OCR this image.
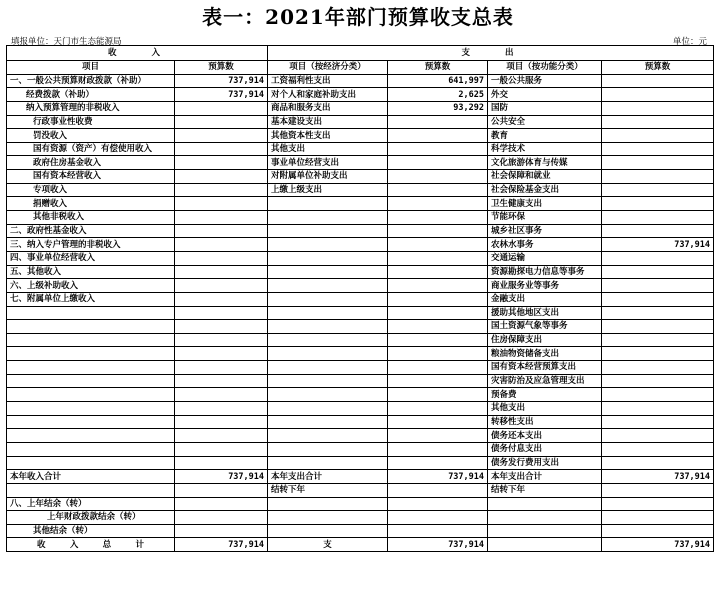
表一：2021年部门预算收支总表
填报单位：天门市生态能源局	单位：元
收　　入		支　　出			
项目	预算数	项目（按经济分类）	预算数	项目（按功能分类）	预算数
一、一般公共预算财政拨款（补助）	737,914	工资福利性支出	641,997	一般公共服务	
经费拨款（补助）	737,914	对个人和家庭补助支出	2,625	外交	
纳入预算管理的非税收入		商品和服务支出	93,292	国防	
行政事业性收费		基本建设支出		公共安全	
罚没收入		其他资本性支出		教育	
国有资源（资产）有偿使用收入		其他支出		科学技术	
政府住房基金收入		事业单位经营支出		文化旅游体育与传媒	
国有资本经营收入		对附属单位补助支出		社会保障和就业	
专项收入		上缴上级支出		社会保险基金支出	
捐赠收入				卫生健康支出	
其他非税收入				节能环保	
二、政府性基金收入				城乡社区事务	
三、纳入专户管理的非税收入				农林水事务	737,914
四、事业单位经营收入				交通运输	
五、其他收入				资源勘探电力信息等事务	
六、上级补助收入				商业服务业等事务	
七、附属单位上缴收入				金融支出	
				援助其他地区支出	
				国土资源气象等事务	
				住房保障支出	
				粮油物资储备支出	
				国有资本经营预算支出	
				灾害防治及应急管理支出	
				预备费	
				其他支出	
				转移性支出	
				债务还本支出	
				债务付息支出	
				债务发行费用支出	
本年收入合计	737,914	本年支出合计	737,914	本年支出合计	737,914
		结转下年		结转下年	
八、上年结余（转）					
上年财政拨款结余（转）					
其他结余（转）					
收　入　总　计	737,914	支	737,914		737,914
